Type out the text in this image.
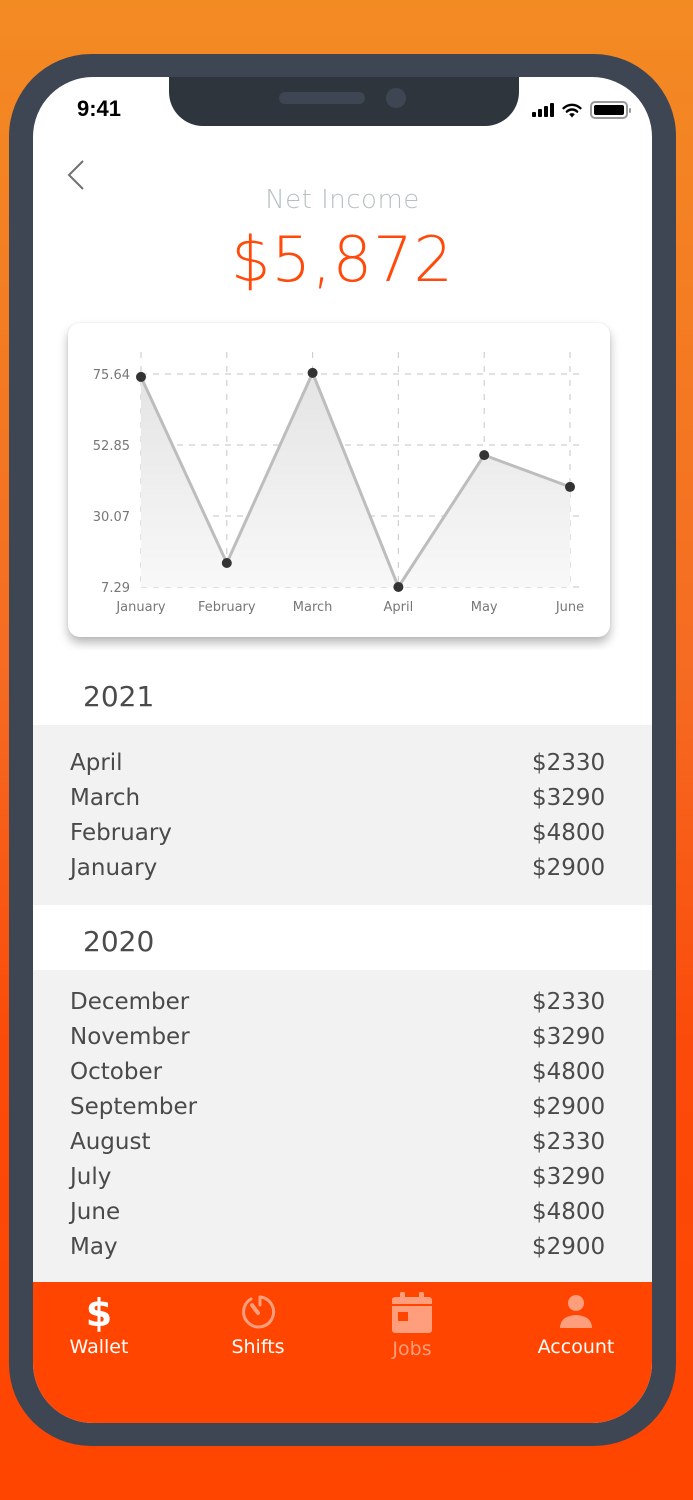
9:41
Net Income
$5,872
75.64
52.85
30.07
7.29
January February	March	April	May	June
2021
April	$2330
March	$3290
February	$4800
January	$2900
2020
December	$2330
November	$3290
October	$4800
September	$2900
August	$2330
July	$3290
June	$4800
May	$2900
$
Wallet	Shifts	Jobs	Account
